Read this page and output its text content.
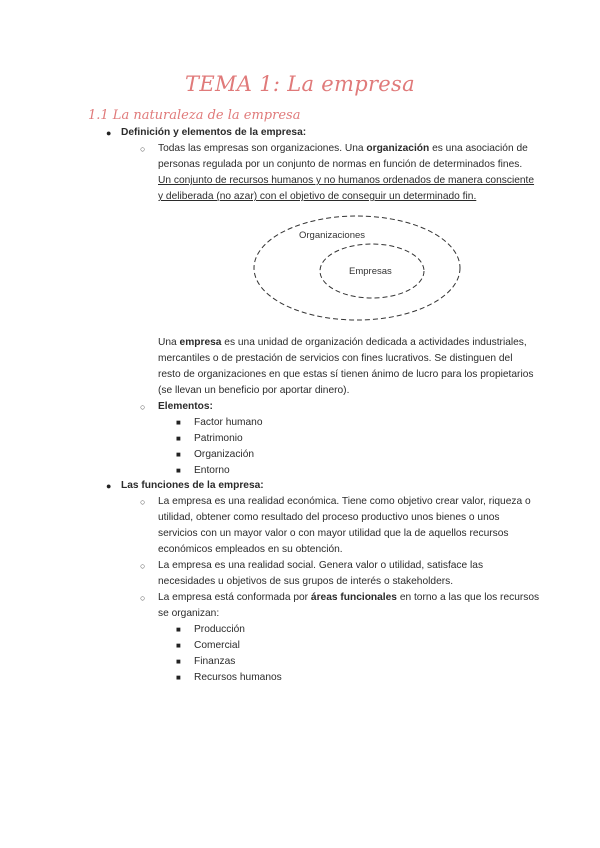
TEMA 1: La empresa
1.1 La naturaleza de la empresa
● Definición y elementos de la empresa:
○ Todas las empresas son organizaciones. Una organización es una asociación de
personas regulada por un conjunto de normas en función de determinados fines.
Un conjunto de recursos humanos y no humanos ordenados de manera consciente
y deliberada (no azar) con el objetivo de conseguir un determinado fin.
Organizaciones
Empresas
Una empresa es una unidad de organización dedicada a actividades industriales,
mercantiles o de prestación de servicios con fines lucrativos. Se distinguen del
resto de organizaciones en que estas sí tienen ánimo de lucro para los propietarios
(se llevan un beneficio por aportar dinero).
○ Elementos:
■ Factor humano
■ Patrimonio
■ Organización
■ Entorno
● Las funciones de la empresa:
○ La empresa es una realidad económica. Tiene como objetivo crear valor, riqueza o
utilidad, obtener como resultado del proceso productivo unos bienes o unos
servicios con un mayor valor o con mayor utilidad que la de aquellos recursos
económicos empleados en su obtención.
○ La empresa es una realidad social. Genera valor o utilidad, satisface las
necesidades u objetivos de sus grupos de interés o stakeholders.
○ La empresa está conformada por áreas funcionales en torno a las que los recursos
se organizan:
■ Producción
■ Comercial
■ Finanzas
■ Recursos humanos
